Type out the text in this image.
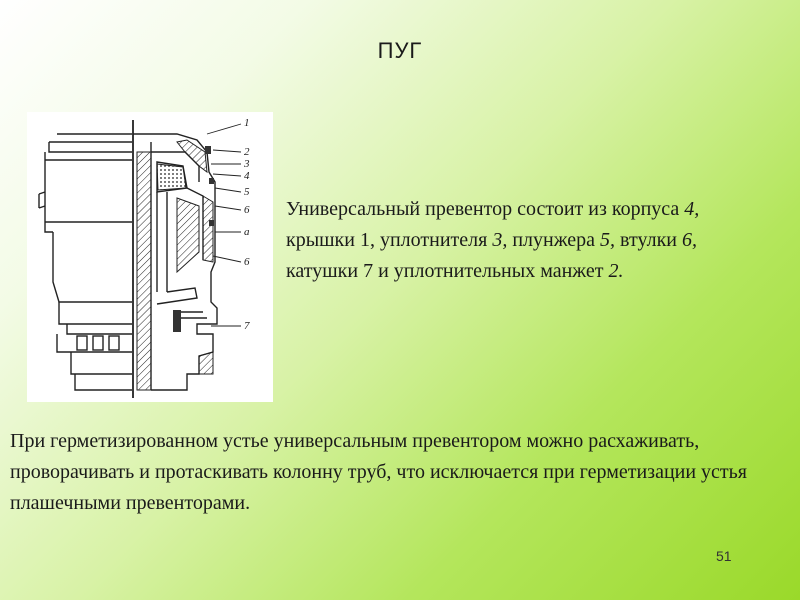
ПУГ
1
2
3
4
5
6
а
6
7
Универсальный превентор состоит из корпуса 4, крышки 1, уплотнителя 3, плунжера 5, втулки 6, катушки 7 и уплотнительных манжет 2.
При герметизированном устье универсальным превентором можно расхаживать, проворачивать и протаскивать колонну труб, что исключается при герметизации устья плашечными превенторами.
51
